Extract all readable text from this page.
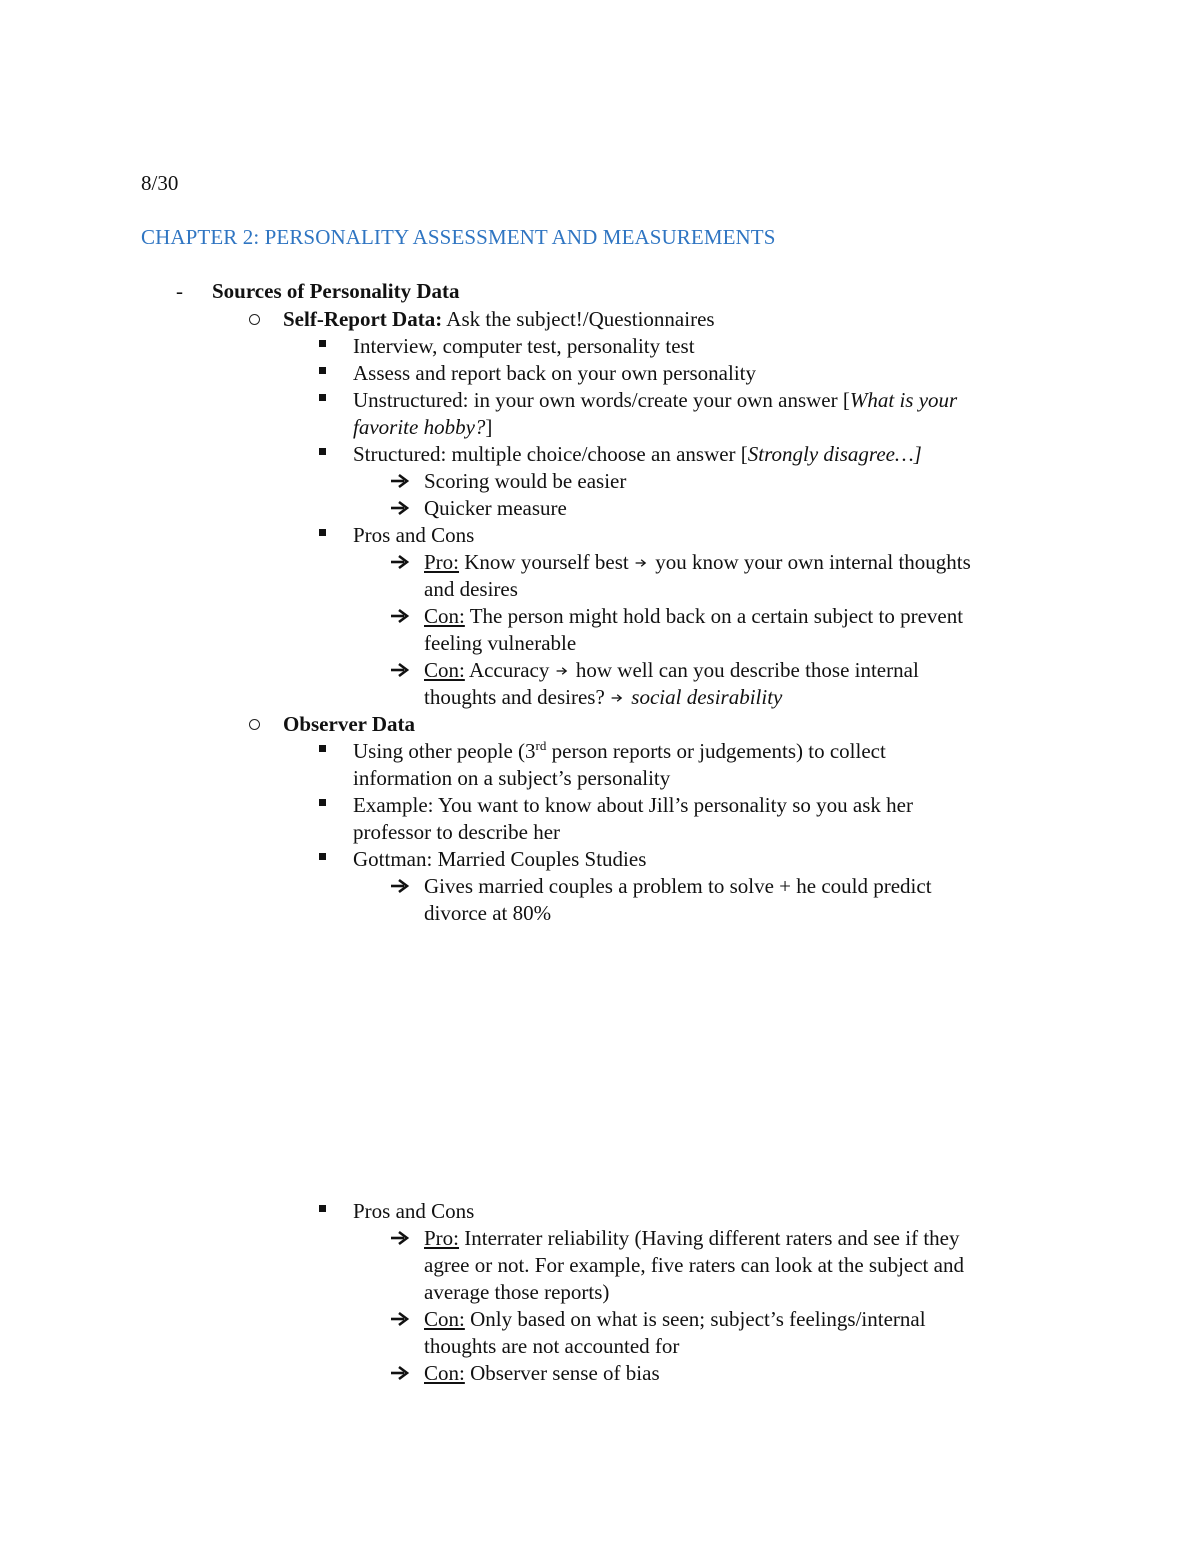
8/30
CHAPTER 2: PERSONALITY ASSESSMENT AND MEASUREMENTS
- Sources of Personality Data
Self-Report Data: Ask the subject!/Questionnaires
Interview, computer test, personality test
Assess and report back on your own personality
Unstructured: in your own words/create your own answer [What is your
favorite hobby?]
Structured: multiple choice/choose an answer [Strongly disagree…]
Scoring would be easier
Quicker measure
Pros and Cons
Pro: Know yourself best you know your own internal thoughts
and desires
Con: The person might hold back on a certain subject to prevent
feeling vulnerable
Con: Accuracy how well can you describe those internal
thoughts and desires? social desirability
Observer Data
Using other people (3rd person reports or judgements) to collect
information on a subject’s personality
Example: You want to know about Jill’s personality so you ask her
professor to describe her
Gottman: Married Couples Studies
Gives married couples a problem to solve + he could predict
divorce at 80%
Pros and Cons
Pro: Interrater reliability (Having different raters and see if they
agree or not. For example, five raters can look at the subject and
average those reports)
Con: Only based on what is seen; subject’s feelings/internal
thoughts are not accounted for
Con: Observer sense of bias
